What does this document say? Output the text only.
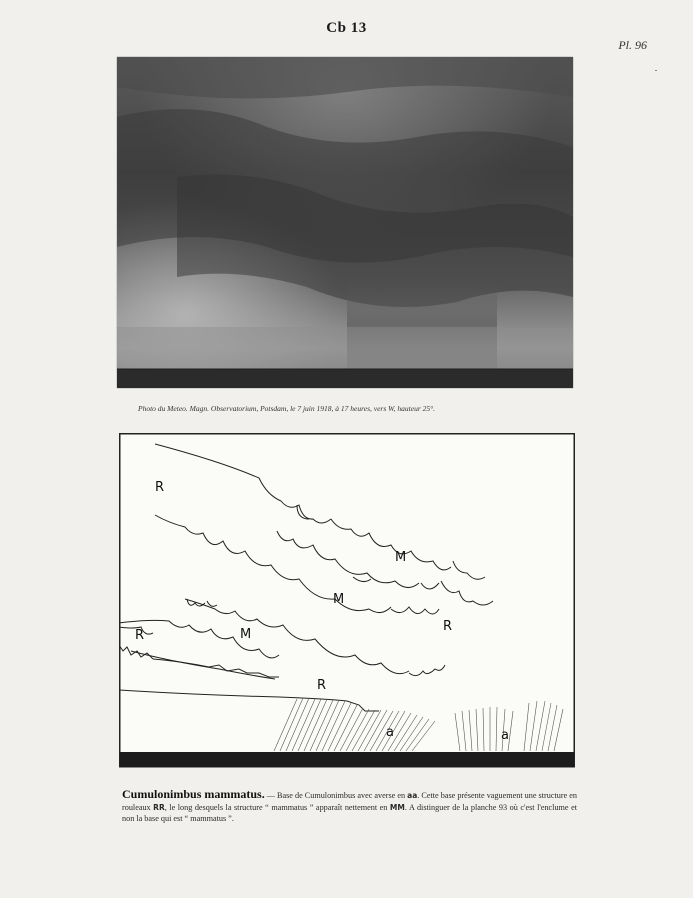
Cb 13
Pl. 96
Photo du Meteo. Magn. Observatorium, Potsdam, le 7 juin 1918, à 17 heures, vers W, hauteur 25°.
R
M
M
R
R	M
R
a	a
Cumulonimbus mammatus. — Base de Cumulonimbus avec averse en aa. Cette base présente vaguement une structure en rouleaux RR, le long desquels la structure “ mammatus ” apparaît nettement en MM. A distinguer de la planche 93 où c'est l'enclume et non la base qui est “ mammatus ”.
